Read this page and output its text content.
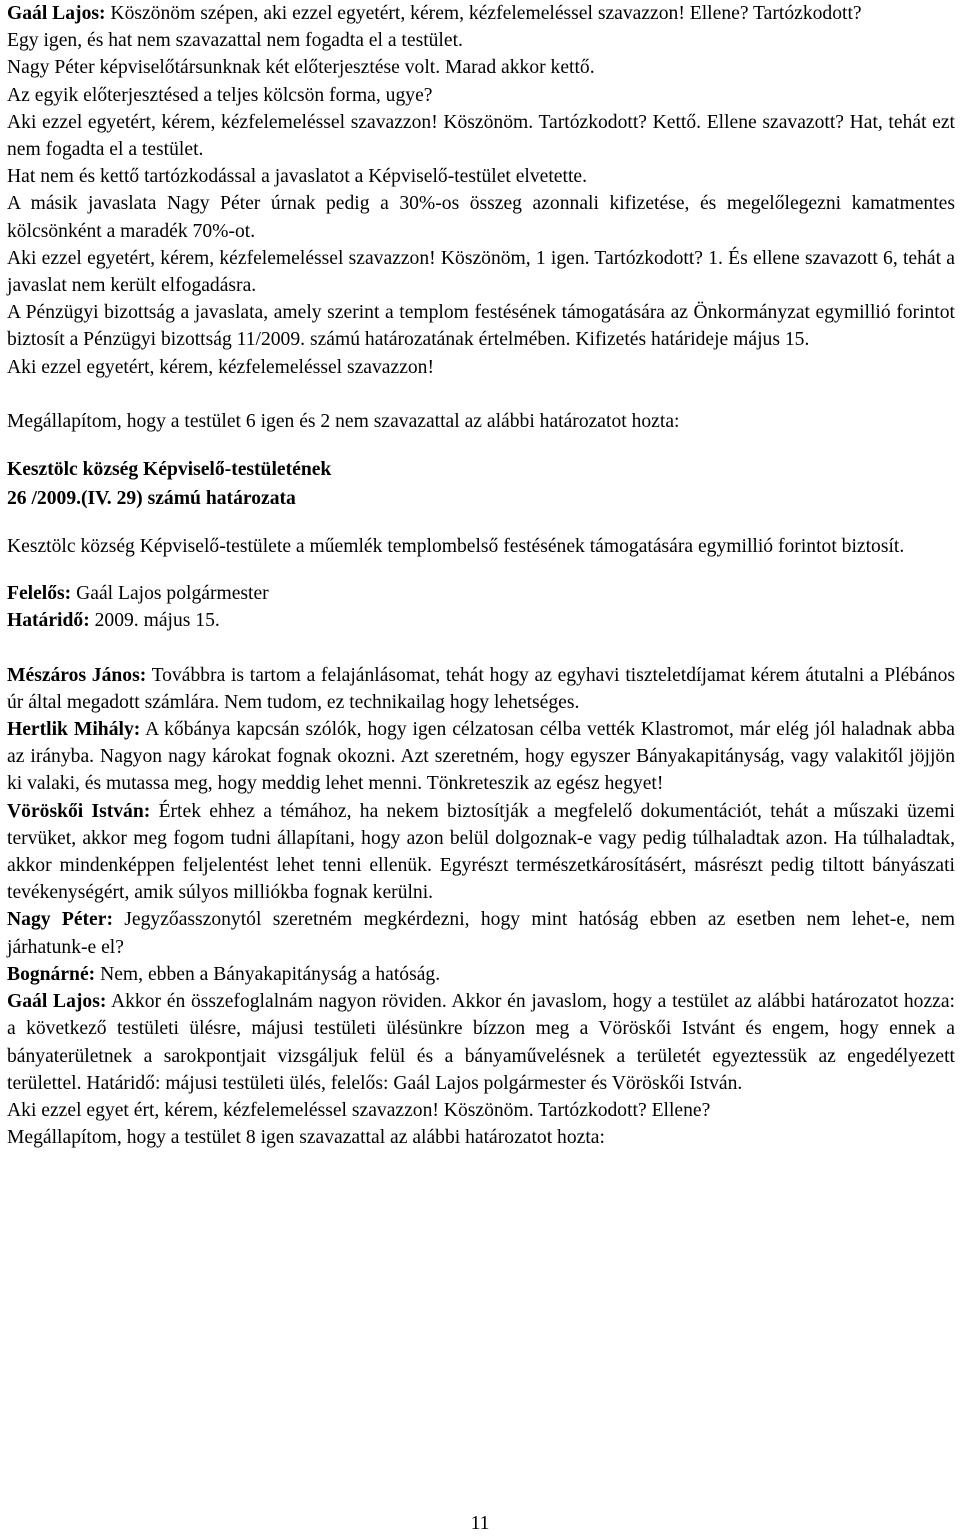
Gaál Lajos: Köszönöm szépen, aki ezzel egyetért, kérem, kézfelemeléssel szavazzon! Ellene? Tartózkodott?

Egy igen, és hat nem szavazattal nem fogadta el a testület.

Nagy Péter képviselőtársunknak két előterjesztése volt. Marad akkor kettő.

Az egyik előterjesztésed a teljes kölcsön forma, ugye?

Aki ezzel egyetért, kérem, kézfelemeléssel szavazzon! Köszönöm. Tartózkodott? Kettő. Ellene szavazott? Hat, tehát ezt nem fogadta el a testület.

Hat nem és kettő tartózkodással a javaslatot a Képviselő-testület elvetette.

A másik javaslata Nagy Péter úrnak pedig a 30%-os összeg azonnali kifizetése, és megelőlegezni kamatmentes kölcsönként a maradék 70%-ot.

Aki ezzel egyetért, kérem, kézfelemeléssel szavazzon! Köszönöm, 1 igen. Tartózkodott? 1. És ellene szavazott 6, tehát a javaslat nem került elfogadásra.

A Pénzügyi bizottság a javaslata, amely szerint a templom festésének támogatására az Önkormányzat egymillió forintot biztosít a Pénzügyi bizottság 11/2009. számú határozatának értelmében. Kifizetés határideje május 15.

Aki ezzel egyetért, kérem, kézfelemeléssel szavazzon!

Megállapítom, hogy a testület 6 igen és 2 nem szavazattal az alábbi határozatot hozta:

Kesztölc község Képviselő-testületének

26 /2009.(IV. 29) számú határozata

Kesztölc község Képviselő-testülete a műemlék templombelső festésének támogatására egymillió forintot biztosít.

Felelős: Gaál Lajos polgármester

Határidő: 2009. május 15.

Mészáros János: Továbbra is tartom a felajánlásomat, tehát hogy az egyhavi tiszteletdíjamat kérem átutalni a Plébános úr által megadott számlára. Nem tudom, ez technikailag hogy lehetséges.

Hertlik Mihály: A kőbánya kapcsán szólók, hogy igen célzatosan célba vették Klastromot, már elég jól haladnak abba az irányba. Nagyon nagy károkat fognak okozni. Azt szeretném, hogy egyszer Bányakapitányság, vagy valakitől jöjjön ki valaki, és mutassa meg, hogy meddig lehet menni. Tönkreteszik az egész hegyet!

Vöröskői István: Értek ehhez a témához, ha nekem biztosítják a megfelelő dokumentációt, tehát a műszaki üzemi tervüket, akkor meg fogom tudni állapítani, hogy azon belül dolgoznak-e vagy pedig túlhaladtak azon. Ha túlhaladtak, akkor mindenképpen feljelentést lehet tenni ellenük. Egyrészt természetkárosításért, másrészt pedig tiltott bányászati tevékenységért, amik súlyos milliókba fognak kerülni.

Nagy Péter: Jegyzőasszonytól szeretném megkérdezni, hogy mint hatóság ebben az esetben nem lehet-e, nem járhatunk-e el?

Bognárné: Nem, ebben a Bányakapitányság a hatóság.

Gaál Lajos: Akkor én összefoglalnám nagyon röviden. Akkor én javaslom, hogy a testület az alábbi határozatot hozza: a következő testületi ülésre, májusi testületi ülésünkre bízzon meg a Vöröskői Istvánt és engem, hogy ennek a bányaterületnek a sarokpontjait vizsgáljuk felül és a bányaművelésnek a területét egyeztessük az engedélyezett területtel. Határidő: májusi testületi ülés, felelős: Gaál Lajos polgármester és Vöröskői István.

Aki ezzel egyet ért, kérem, kézfelemeléssel szavazzon! Köszönöm. Tartózkodott? Ellene?

Megállapítom, hogy a testület 8 igen szavazattal az alábbi határozatot hozta:

11
